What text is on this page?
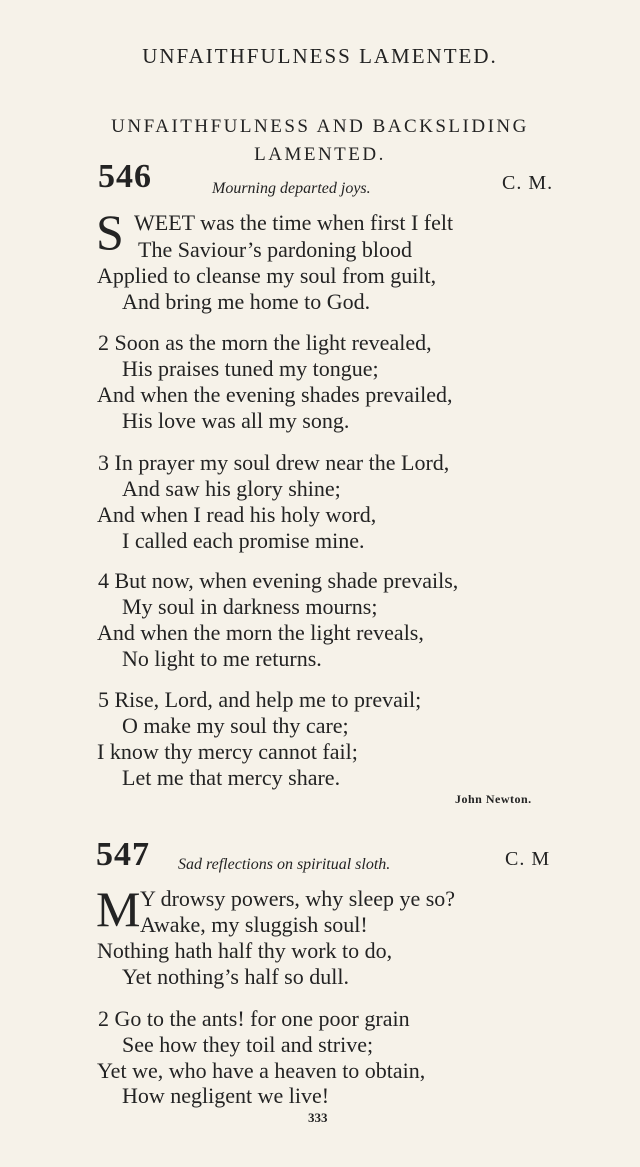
UNFAITHFULNESS LAMENTED.
UNFAITHFULNESS AND BACKSLIDING
LAMENTED.
546	Mourning departed joys.	C. M.
S WEET was the time when first I felt
The Saviour’s pardoning blood
Applied to cleanse my soul from guilt,
And bring me home to God.
2 Soon as the morn the light revealed,
His praises tuned my tongue;
And when the evening shades prevailed,
His love was all my song.
3 In prayer my soul drew near the Lord,
And saw his glory shine;
And when I read his holy word,
I called each promise mine.
4 But now, when evening shade prevails,
My soul in darkness mourns;
And when the morn the light reveals,
No light to me returns.
5 Rise, Lord, and help me to prevail;
O make my soul thy care;
I know thy mercy cannot fail;
Let me that mercy share.
John Newton.
547 Sad reflections on spiritual sloth.	C. M
M Y drowsy powers, why sleep ye so?
Awake, my sluggish soul!
Nothing hath half thy work to do,
Yet nothing’s half so dull.
2 Go to the ants! for one poor grain
See how they toil and strive;
Yet we, who have a heaven to obtain,
How negligent we live!
333
